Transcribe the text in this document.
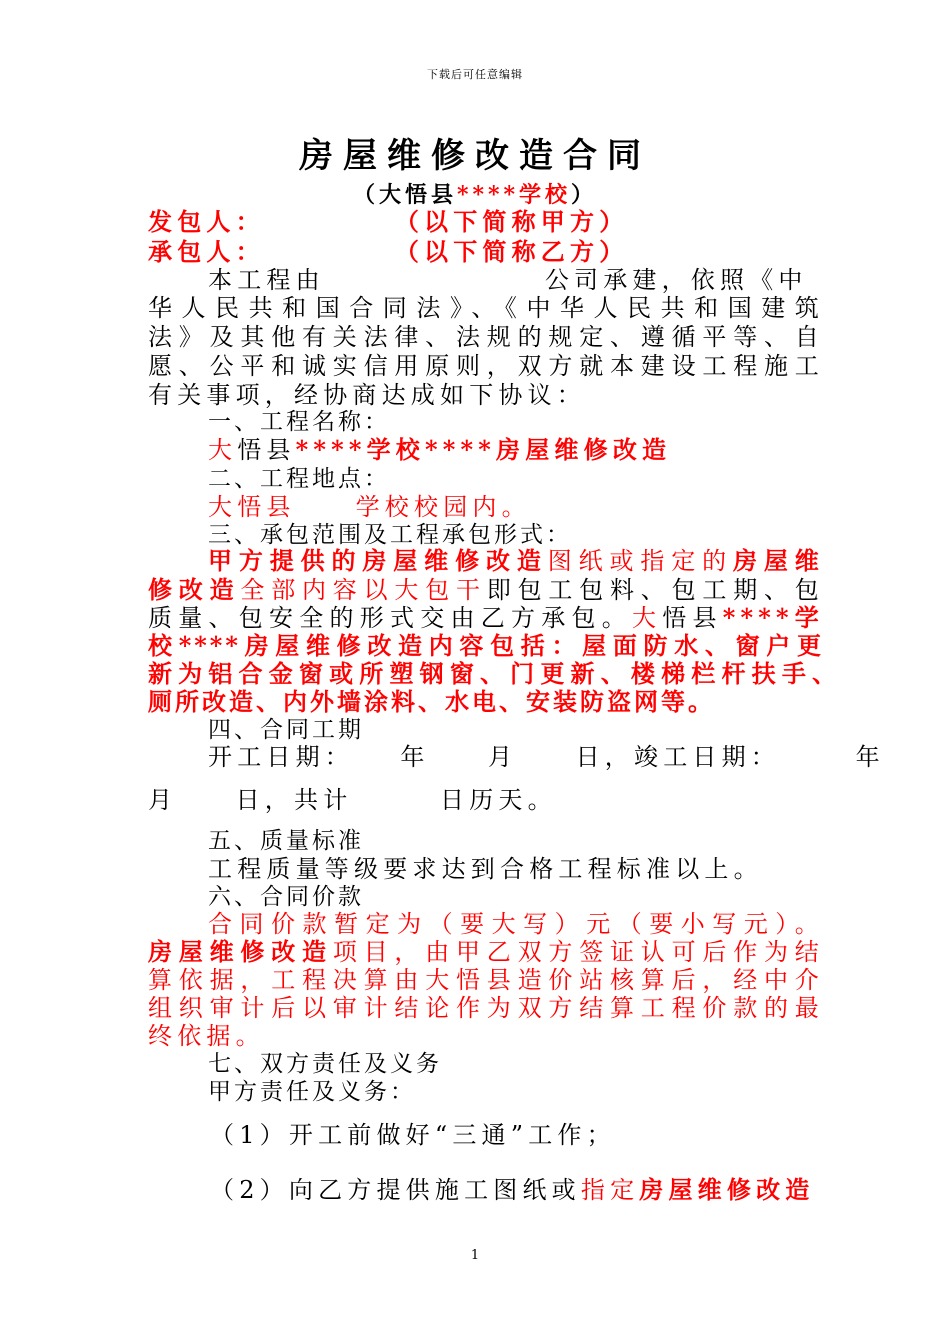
下载后可任意编辑
房屋维修改造合同
（大悟县****学校）
发包人：	（以下简称甲方）
承包人：	（以下简称乙方）
本工程由	公司承建，依照《中
华人民共和国合同法》、《中华人民共和国建筑
法》及其他有关法律、法规的规定、遵循平等、自
愿、公平和诚实信用原则，双方就本建设工程施工
有关事项，经协商达成如下协议：
一、工程名称：
大悟县****学校****房屋维修改造
二、工程地点：
大悟县	学校校园内。
三、承包范围及工程承包形式：
甲方提供的房屋维修改造图纸或指定的房屋维
修改造全部内容以大包干即包工包料、包工期、包
质量、包安全的形式交由乙方承包。大悟县****学
校****房屋维修改造内容包括：屋面防水、窗户更
新为铝合金窗或所塑钢窗、门更新、楼梯栏杆扶手、
厕所改造、内外墙涂料、水电、安装防盗网等。
四、合同工期
开工日期：　　年　　月　　日，竣工日期：　　　年
月　　日，共计　　　日历天。
五、质量标准
工程质量等级要求达到合格工程标准以上。
六、合同价款
合同价款暂定为（要大写）元（要小写元）。
房屋维修改造项目，由甲乙双方签证认可后作为结
算依据，工程决算由大悟县造价站核算后，经中介
组织审计后以审计结论作为双方结算工程价款的最
终依据。
七、双方责任及义务
甲方责任及义务：
（1）开工前做好“三通”工作；
（2）向乙方提供施工图纸或指定房屋维修改造
1
